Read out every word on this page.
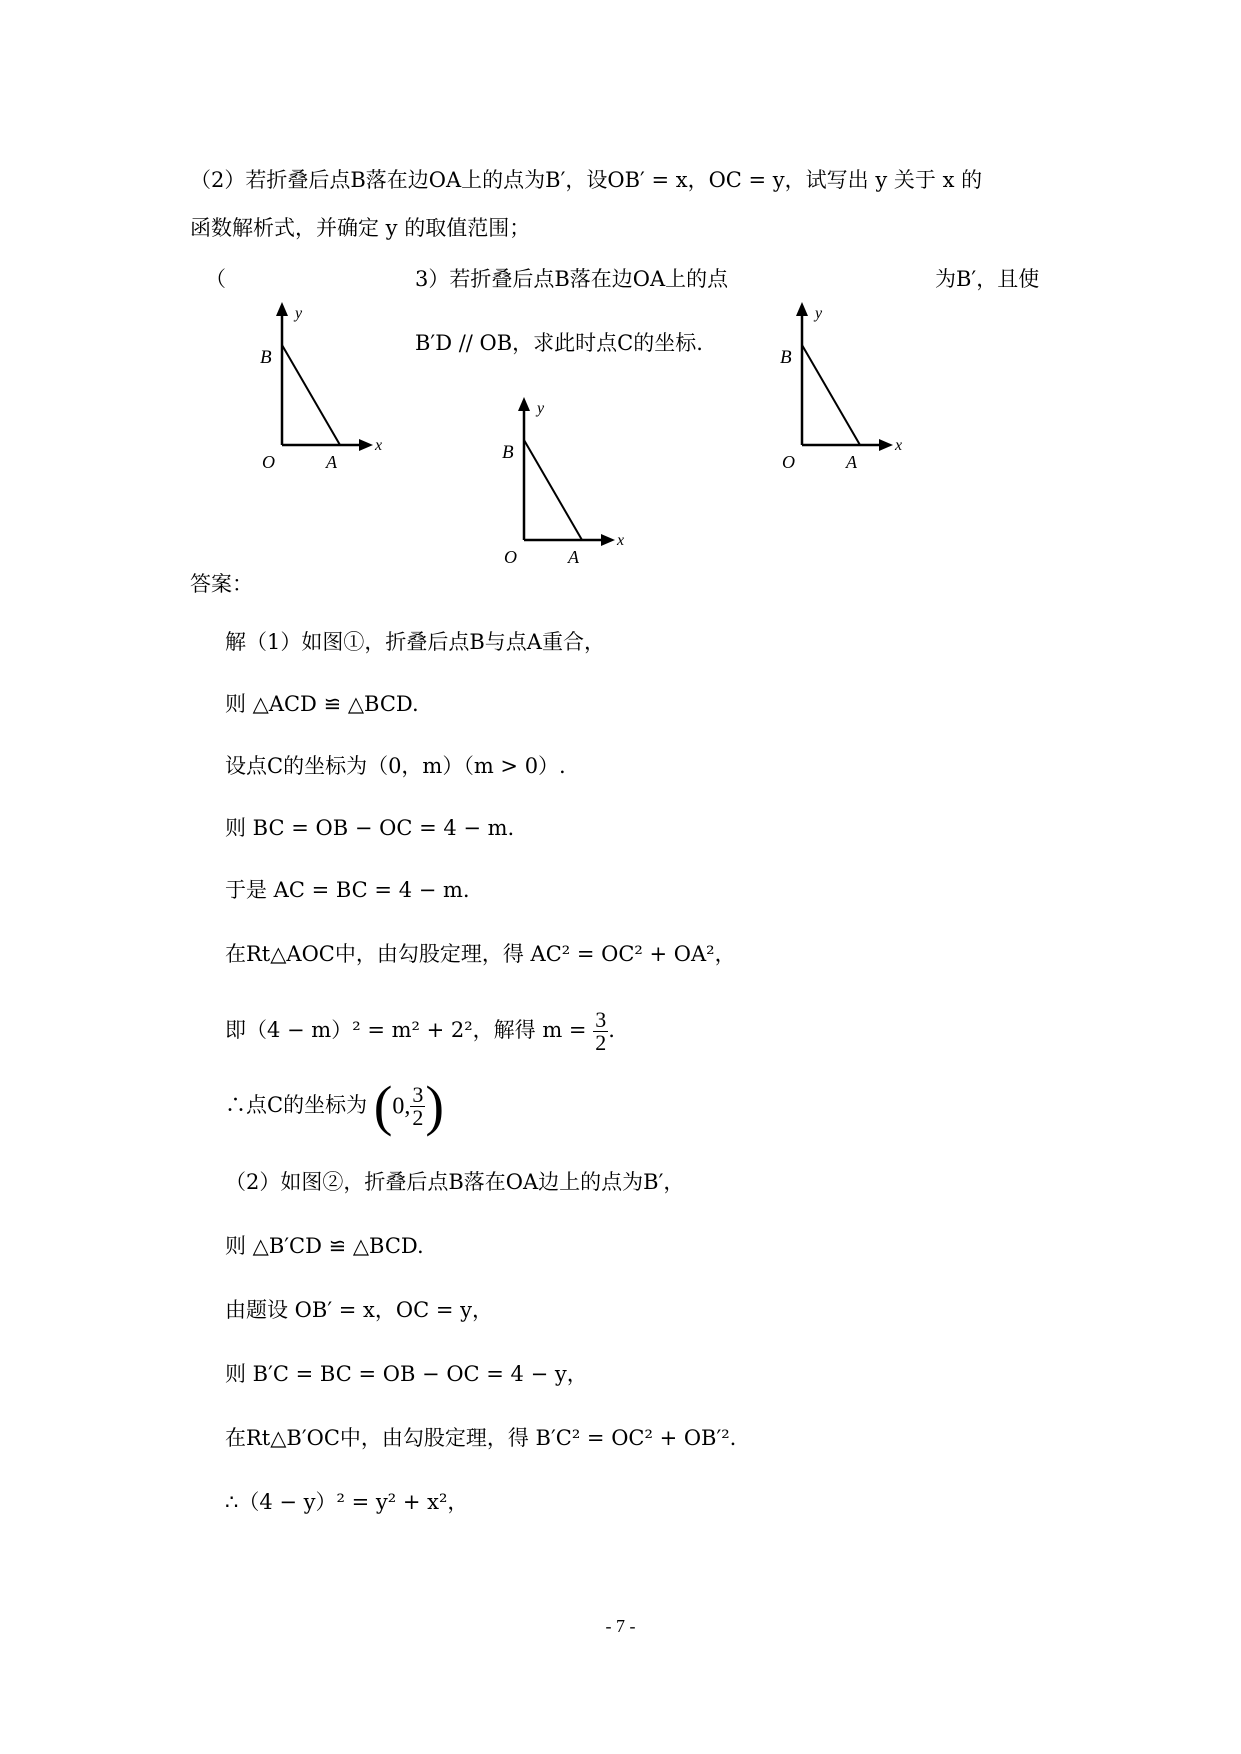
（2）若折叠后点B落在边OA上的点为B′，设OB′ = x，OC = y，试写出 y 关于 x 的
函数解析式，并确定 y 的取值范围；
（	3）若折叠后点B落在边OA上的点	为B′，且使
B′D // OB，求此时点C的坐标.
y
B
x
O	A
y
B
x
O	A
y
B
x
O	A
答案：
解（1）如图①，折叠后点B与点A重合，
则 △ACD ≌ △BCD.
设点C的坐标为（0，m）（m > 0）.
则 BC = OB − OC = 4 − m.
于是 AC = BC = 4 − m.
在Rt△AOC中，由勾股定理，得 AC² = OC² + OA²，
即（4 − m）² = m² + 2²，解得 $m = \frac{3}{2}$ .
∴点C的坐标为 (0, $\frac{3}{2}$ )
（2）如图②，折叠后点B落在OA边上的点为B′，
则 △B′CD ≌ △BCD.
由题设 OB′ = x，OC = y，
则 B′C = BC = OB − OC = 4 − y，
在Rt△B′OC中，由勾股定理，得 B′C² = OC² + OB′².
∴（4 − y）² = y² + x²，
- 7 -
